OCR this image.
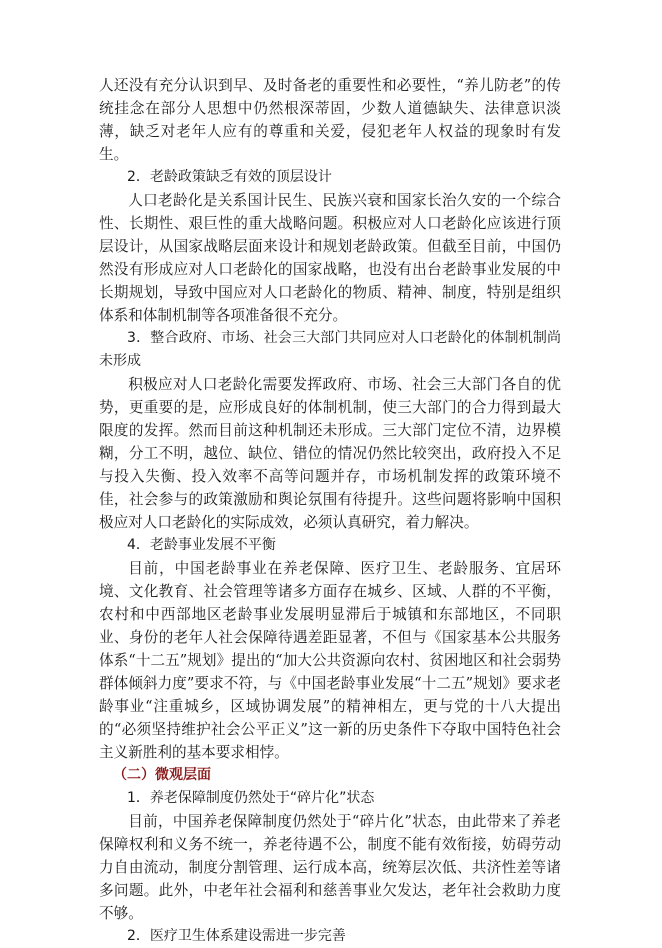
人还没有充分认识到早、及时备老的重要性和必要性，“养儿防老”的传统挂念在部分人思想中仍然根深蒂固，少数人道德缺失、法律意识淡薄，缺乏对老年人应有的尊重和关爱，侵犯老年人权益的现象时有发生。

2．老龄政策缺乏有效的顶层设计

人口老龄化是关系国计民生、民族兴衰和国家长治久安的一个综合性、长期性、艰巨性的重大战略问题。积极应对人口老龄化应该进行顶层设计，从国家战略层面来设计和规划老龄政策。但截至目前，中国仍然没有形成应对人口老龄化的国家战略，也没有出台老龄事业发展的中长期规划，导致中国应对人口老龄化的物质、精神、制度，特别是组织体系和体制机制等各项准备很不充分。

3．整合政府、市场、社会三大部门共同应对人口老龄化的体制机制尚未形成

积极应对人口老龄化需要发挥政府、市场、社会三大部门各自的优势，更重要的是，应形成良好的体制机制，使三大部门的合力得到最大限度的发挥。然而目前这种机制还未形成。三大部门定位不清，边界模糊，分工不明，越位、缺位、错位的情况仍然比较突出，政府投入不足与投入失衡、投入效率不高等问题并存，市场机制发挥的政策环境不佳，社会参与的政策激励和舆论氛围有待提升。这些问题将影响中国积极应对人口老龄化的实际成效，必须认真研究，着力解决。

4．老龄事业发展不平衡

目前，中国老龄事业在养老保障、医疗卫生、老龄服务、宜居环境、文化教育、社会管理等诸多方面存在城乡、区域、人群的不平衡，农村和中西部地区老龄事业发展明显滞后于城镇和东部地区，不同职业、身份的老年人社会保障待遇差距显著，不但与《国家基本公共服务体系“十二五”规划》提出的“加大公共资源向农村、贫困地区和社会弱势群体倾斜力度”要求不符，与《中国老龄事业发展“十二五”规划》要求老龄事业“注重城乡，区域协调发展”的精神相左，更与党的十八大提出的“必须坚持维护社会公平正义”这一新的历史条件下夺取中国特色社会主义新胜利的基本要求相悖。

（二）微观层面

1．养老保障制度仍然处于“碎片化”状态

目前，中国养老保障制度仍然处于“碎片化”状态，由此带来了养老保障权利和义务不统一，养老待遇不公，制度不能有效衔接，妨碍劳动力自由流动，制度分割管理、运行成本高，统筹层次低、共济性差等诸多问题。此外，中老年社会福利和慈善事业欠发达，老年社会救助力度不够。

2．医疗卫生体系建设需进一步完善
